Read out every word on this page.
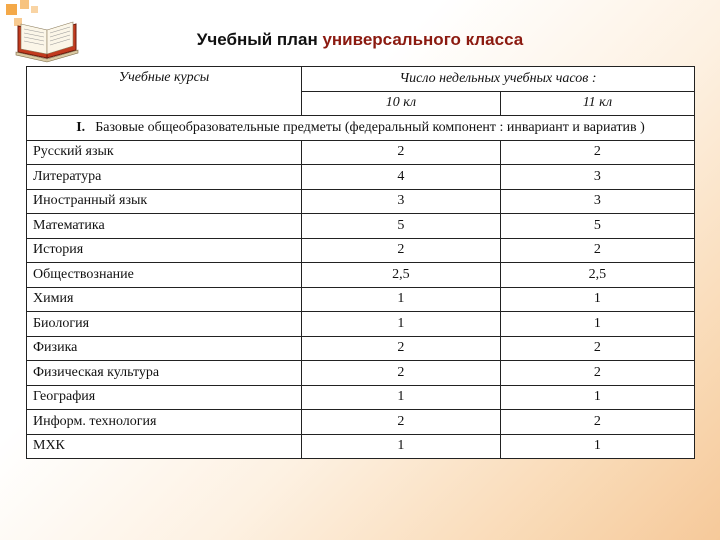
Учебный план универсального класса
Учебные курсы	Число недельных учебных часов :	
	10 кл	11 кл
I. Базовые общеобразовательные предметы (федеральный компонент : инвариант и вариатив )		
Русский язык	2	2
Литература	4	3
Иностранный язык	3	3
Математика	5	5
История	2	2
Обществознание	2,5	2,5
Химия	1	1
Биология	1	1
Физика	2	2
Физическая культура	2	2
География	1	1
Информ. технология	2	2
МХК	1	1
